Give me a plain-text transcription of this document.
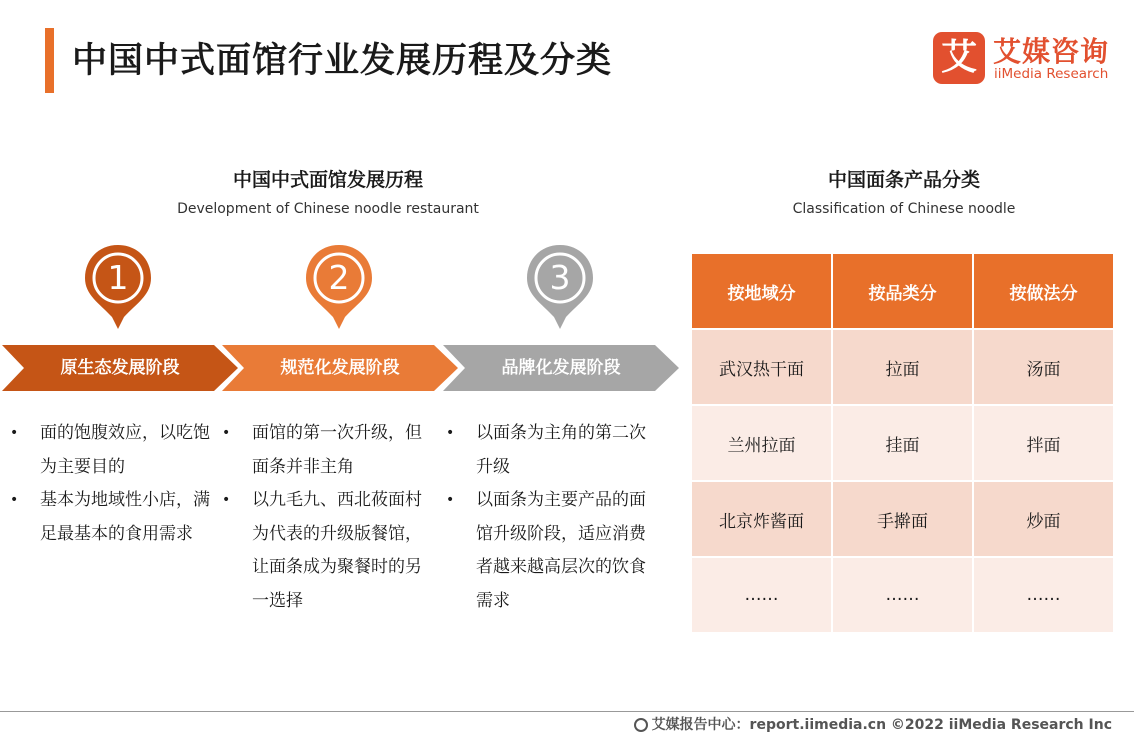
中国中式面馆行业发展历程及分类	艾 艾媒咨询
iiMedia Research
中国中式面馆发展历程
Development of Chinese noodle restaurant
1	2	3
原生态发展阶段	规范化发展阶段	品牌化发展阶段
• 面的饱腹效应，以吃饱为主要目的
• 基本为地域性小店，满足最基本的食用需求
• 面馆的第一次升级，但面条并非主角
• 以九毛九、西北莜面村为代表的升级版餐馆，让面条成为聚餐时的另一选择
• 以面条为主角的第二次升级
• 以面条为主要产品的面馆升级阶段，适应消费者越来越高层次的饮食需求
中国面条产品分类
Classification of Chinese noodle
按地域分	按品类分	按做法分
武汉热干面	拉面	汤面
兰州拉面	挂面	拌面
北京炸酱面	手擀面	炒面
……	……	……
艾媒报告中心：report.iimedia.cn ©2022 iiMedia Research Inc
